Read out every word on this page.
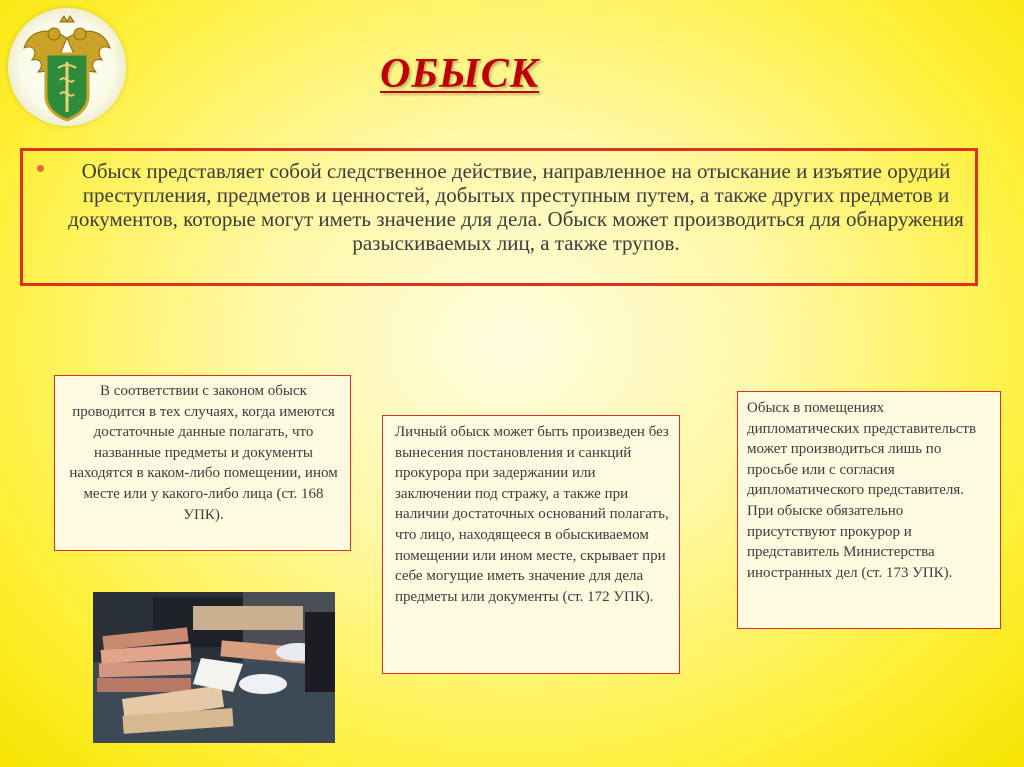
ОБЫСК
Обыск представляет собой следственное действие, направленное на отыскание и изъятие орудий преступления, предметов и ценностей, добытых преступным путем, а также других предметов и документов, которые могут иметь значение для дела. Обыск может производиться для обнаружения разыскиваемых лиц, а также трупов.
В соответствии с законом обыск проводится в тех случаях, когда имеются достаточные данные полагать, что названные предметы и документы находятся в каком-либо помещении, ином месте или у какого-либо лица (ст. 168 УПК).
Личный обыск может быть произведен без вынесения постановления и санкций прокурора при задержании или заключении под стражу, а также при наличии достаточных оснований полагать, что лицо, находящееся в обыскиваемом помещении или ином месте, скрывает при себе могущие иметь значение для дела предметы или документы (ст. 172 УПК).
Обыск в помещениях дипломатических представительств может производиться лишь по просьбе или с согласия дипломатического представителя. При обыске обязательно присутствуют прокурор и представитель Министерства иностранных дел (ст. 173 УПК).
